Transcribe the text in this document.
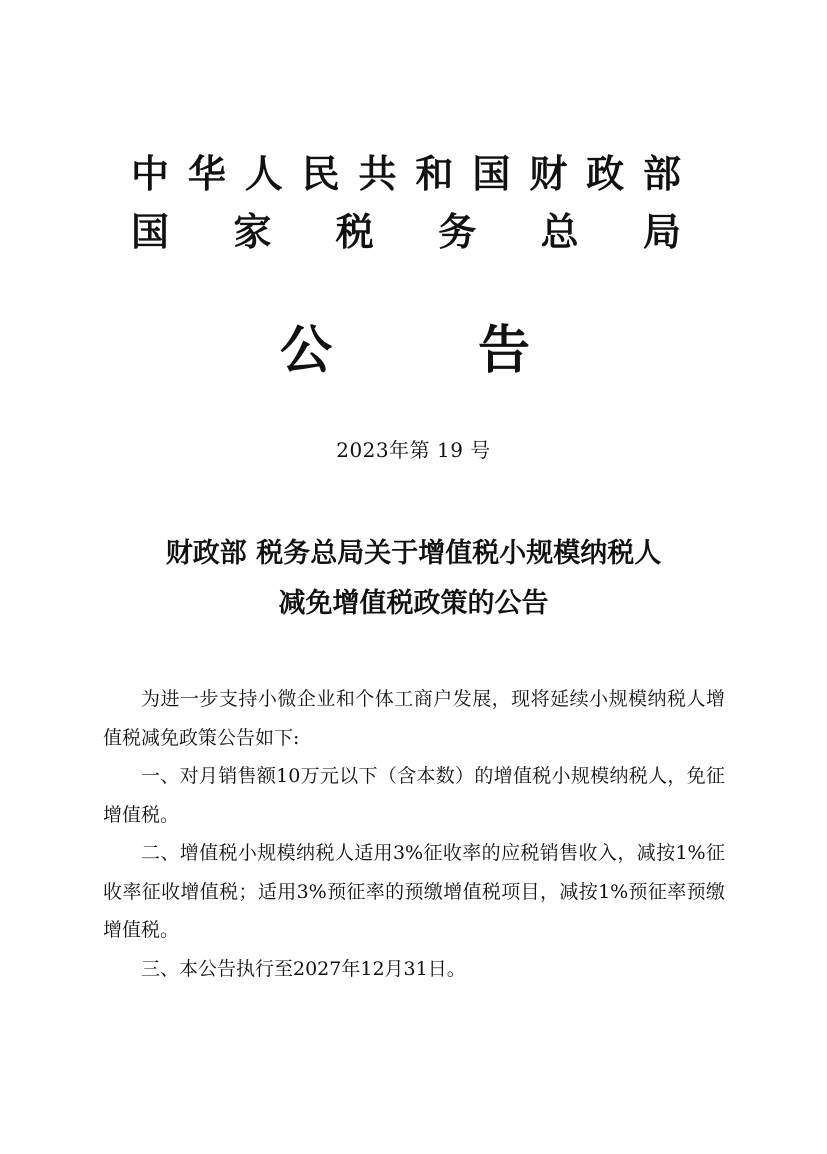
中华人民共和国财政部
国 家 税 务 总 局
公 告
2023年第 19 号
财政部 税务总局关于增值税小规模纳税人
减免增值税政策的公告

为进一步支持小微企业和个体工商户发展，现将延续小规模纳税人增值税减免政策公告如下:

一、对月销售额10万元以下（含本数）的增值税小规模纳税人，免征增值税。

二、增值税小规模纳税人适用3%征收率的应税销售收入，减按1%征收率征收增值税；适用3%预征率的预缴增值税项目，减按1%预征率预缴增值税。

三、本公告执行至2027年12月31日。
